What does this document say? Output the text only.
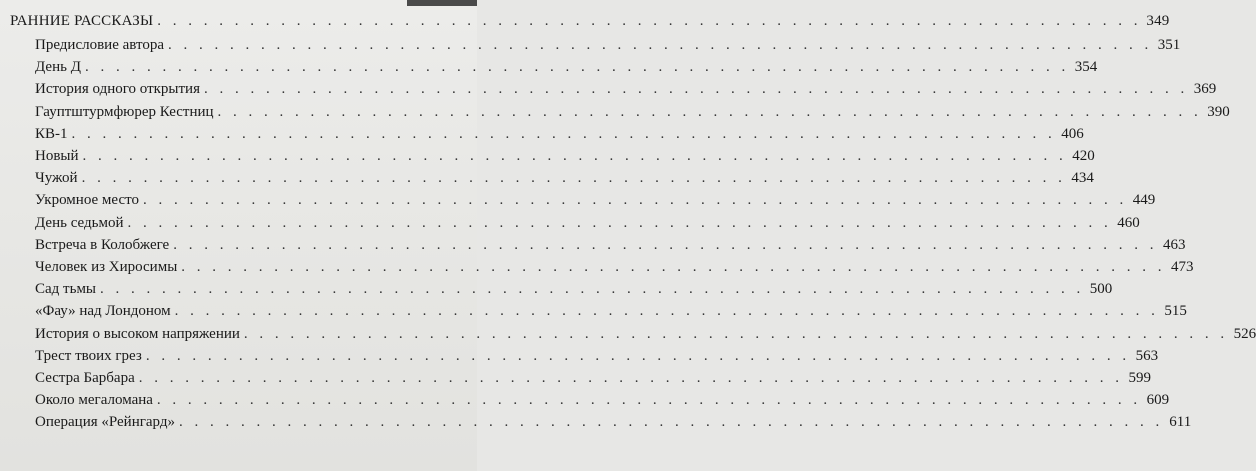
РАННИЕ РАССКАЗЫ . . . . . . . . . . . . . . . . . . . . . . . . . . . . . . . . . . . . . . . . . . . . . . . . . . . . . . . . . . . . . . . . 349
Предисловие автора . . . . . . . . . . . . . . . . . . . . . . . . . . . . . . . . . . . . . . . . . . . . . . . . . . . . . . . . . . . . . . . . 351
День Д . . . . . . . . . . . . . . . . . . . . . . . . . . . . . . . . . . . . . . . . . . . . . . . . . . . . . . . . . . . . . . . . 354
История одного открытия . . . . . . . . . . . . . . . . . . . . . . . . . . . . . . . . . . . . . . . . . . . . . . . . . . . . . . . . . . . . . . . . 369
Гауптштурмфюрер Кестниц . . . . . . . . . . . . . . . . . . . . . . . . . . . . . . . . . . . . . . . . . . . . . . . . . . . . . . . . . . . . . . . . 390
КВ-1 . . . . . . . . . . . . . . . . . . . . . . . . . . . . . . . . . . . . . . . . . . . . . . . . . . . . . . . . . . . . . . . . 406
Новый . . . . . . . . . . . . . . . . . . . . . . . . . . . . . . . . . . . . . . . . . . . . . . . . . . . . . . . . . . . . . . . . 420
Чужой . . . . . . . . . . . . . . . . . . . . . . . . . . . . . . . . . . . . . . . . . . . . . . . . . . . . . . . . . . . . . . . . 434
Укромное место . . . . . . . . . . . . . . . . . . . . . . . . . . . . . . . . . . . . . . . . . . . . . . . . . . . . . . . . . . . . . . . . 449
День седьмой . . . . . . . . . . . . . . . . . . . . . . . . . . . . . . . . . . . . . . . . . . . . . . . . . . . . . . . . . . . . . . . . 460
Встреча в Колобжеге . . . . . . . . . . . . . . . . . . . . . . . . . . . . . . . . . . . . . . . . . . . . . . . . . . . . . . . . . . . . . . . . 463
Человек из Хиросимы . . . . . . . . . . . . . . . . . . . . . . . . . . . . . . . . . . . . . . . . . . . . . . . . . . . . . . . . . . . . . . . . 473
Сад тьмы . . . . . . . . . . . . . . . . . . . . . . . . . . . . . . . . . . . . . . . . . . . . . . . . . . . . . . . . . . . . . . . . 500
«Фау» над Лондоном . . . . . . . . . . . . . . . . . . . . . . . . . . . . . . . . . . . . . . . . . . . . . . . . . . . . . . . . . . . . . . . . 515
История о высоком напряжении . . . . . . . . . . . . . . . . . . . . . . . . . . . . . . . . . . . . . . . . . . . . . . . . . . . . . . . . . . . . . . . . 526
Трест твоих грез . . . . . . . . . . . . . . . . . . . . . . . . . . . . . . . . . . . . . . . . . . . . . . . . . . . . . . . . . . . . . . . . 563
Сестра Барбара . . . . . . . . . . . . . . . . . . . . . . . . . . . . . . . . . . . . . . . . . . . . . . . . . . . . . . . . . . . . . . . . 599
Около мегаломана . . . . . . . . . . . . . . . . . . . . . . . . . . . . . . . . . . . . . . . . . . . . . . . . . . . . . . . . . . . . . . . . 609
Операция «Рейнгард» . . . . . . . . . . . . . . . . . . . . . . . . . . . . . . . . . . . . . . . . . . . . . . . . . . . . . . . . . . . . . . . . 611
